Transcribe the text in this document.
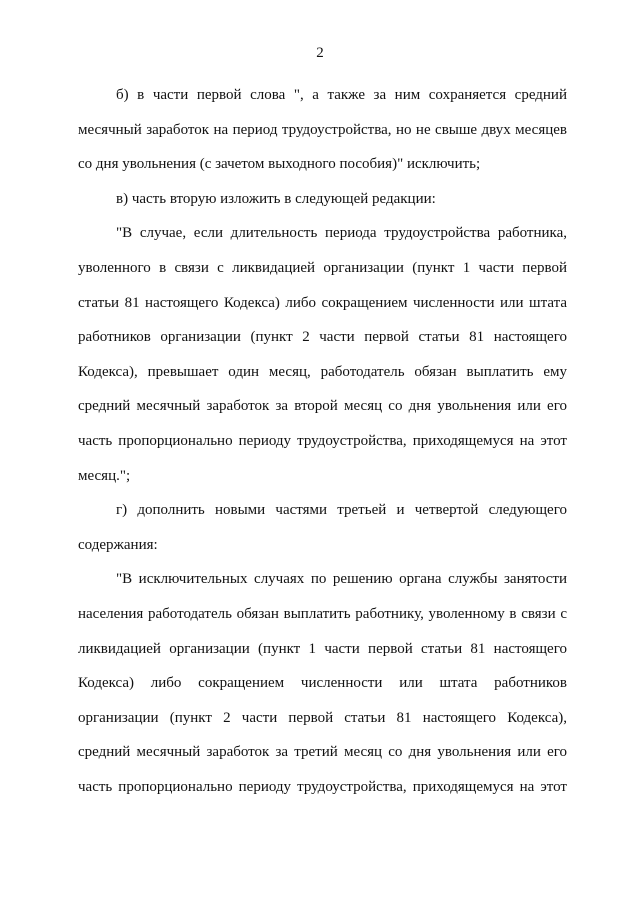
2
б) в части первой слова ", а также за ним сохраняется средний
месячный заработок на период трудоустройства, но не свыше двух месяцев
со дня увольнения (с зачетом выходного пособия)" исключить;
в) часть вторую изложить в следующей редакции:
"В случае, если длительность периода трудоустройства работника,
уволенного в связи с ликвидацией организации (пункт 1 части первой
статьи 81 настоящего Кодекса) либо сокращением численности или штата
работников организации (пункт 2 части первой статьи 81 настоящего
Кодекса), превышает один месяц, работодатель обязан выплатить ему
средний месячный заработок за второй месяц со дня увольнения или его
часть пропорционально периоду трудоустройства, приходящемуся на этот
месяц.";
г) дополнить новыми частями третьей и четвертой следующего
содержания:
"В исключительных случаях по решению органа службы занятости
населения работодатель обязан выплатить работнику, уволенному в связи с
ликвидацией организации (пункт 1 части первой статьи 81 настоящего
Кодекса) либо сокращением численности или штата работников
организации (пункт 2 части первой статьи 81 настоящего Кодекса),
средний месячный заработок за третий месяц со дня увольнения или его
часть пропорционально периоду трудоустройства, приходящемуся на этот
